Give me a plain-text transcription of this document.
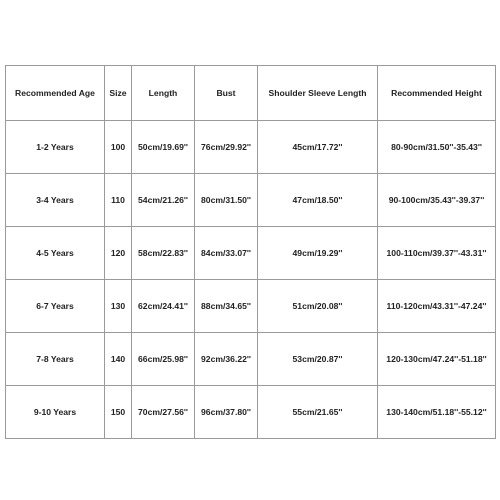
Recommended Age	Size	Length	Bust	Shoulder Sleeve Length	Recommended Height
1-2 Years	100	50cm/19.69''	76cm/29.92''	45cm/17.72''	80-90cm/31.50''-35.43''
3-4 Years	110	54cm/21.26''	80cm/31.50''	47cm/18.50''	90-100cm/35.43''-39.37''
4-5 Years	120	58cm/22.83''	84cm/33.07''	49cm/19.29''	100-110cm/39.37''-43.31''
6-7 Years	130	62cm/24.41''	88cm/34.65''	51cm/20.08''	110-120cm/43.31''-47.24''
7-8 Years	140	66cm/25.98''	92cm/36.22''	53cm/20.87''	120-130cm/47.24''-51.18''
9-10 Years	150	70cm/27.56''	96cm/37.80''	55cm/21.65''	130-140cm/51.18''-55.12''
